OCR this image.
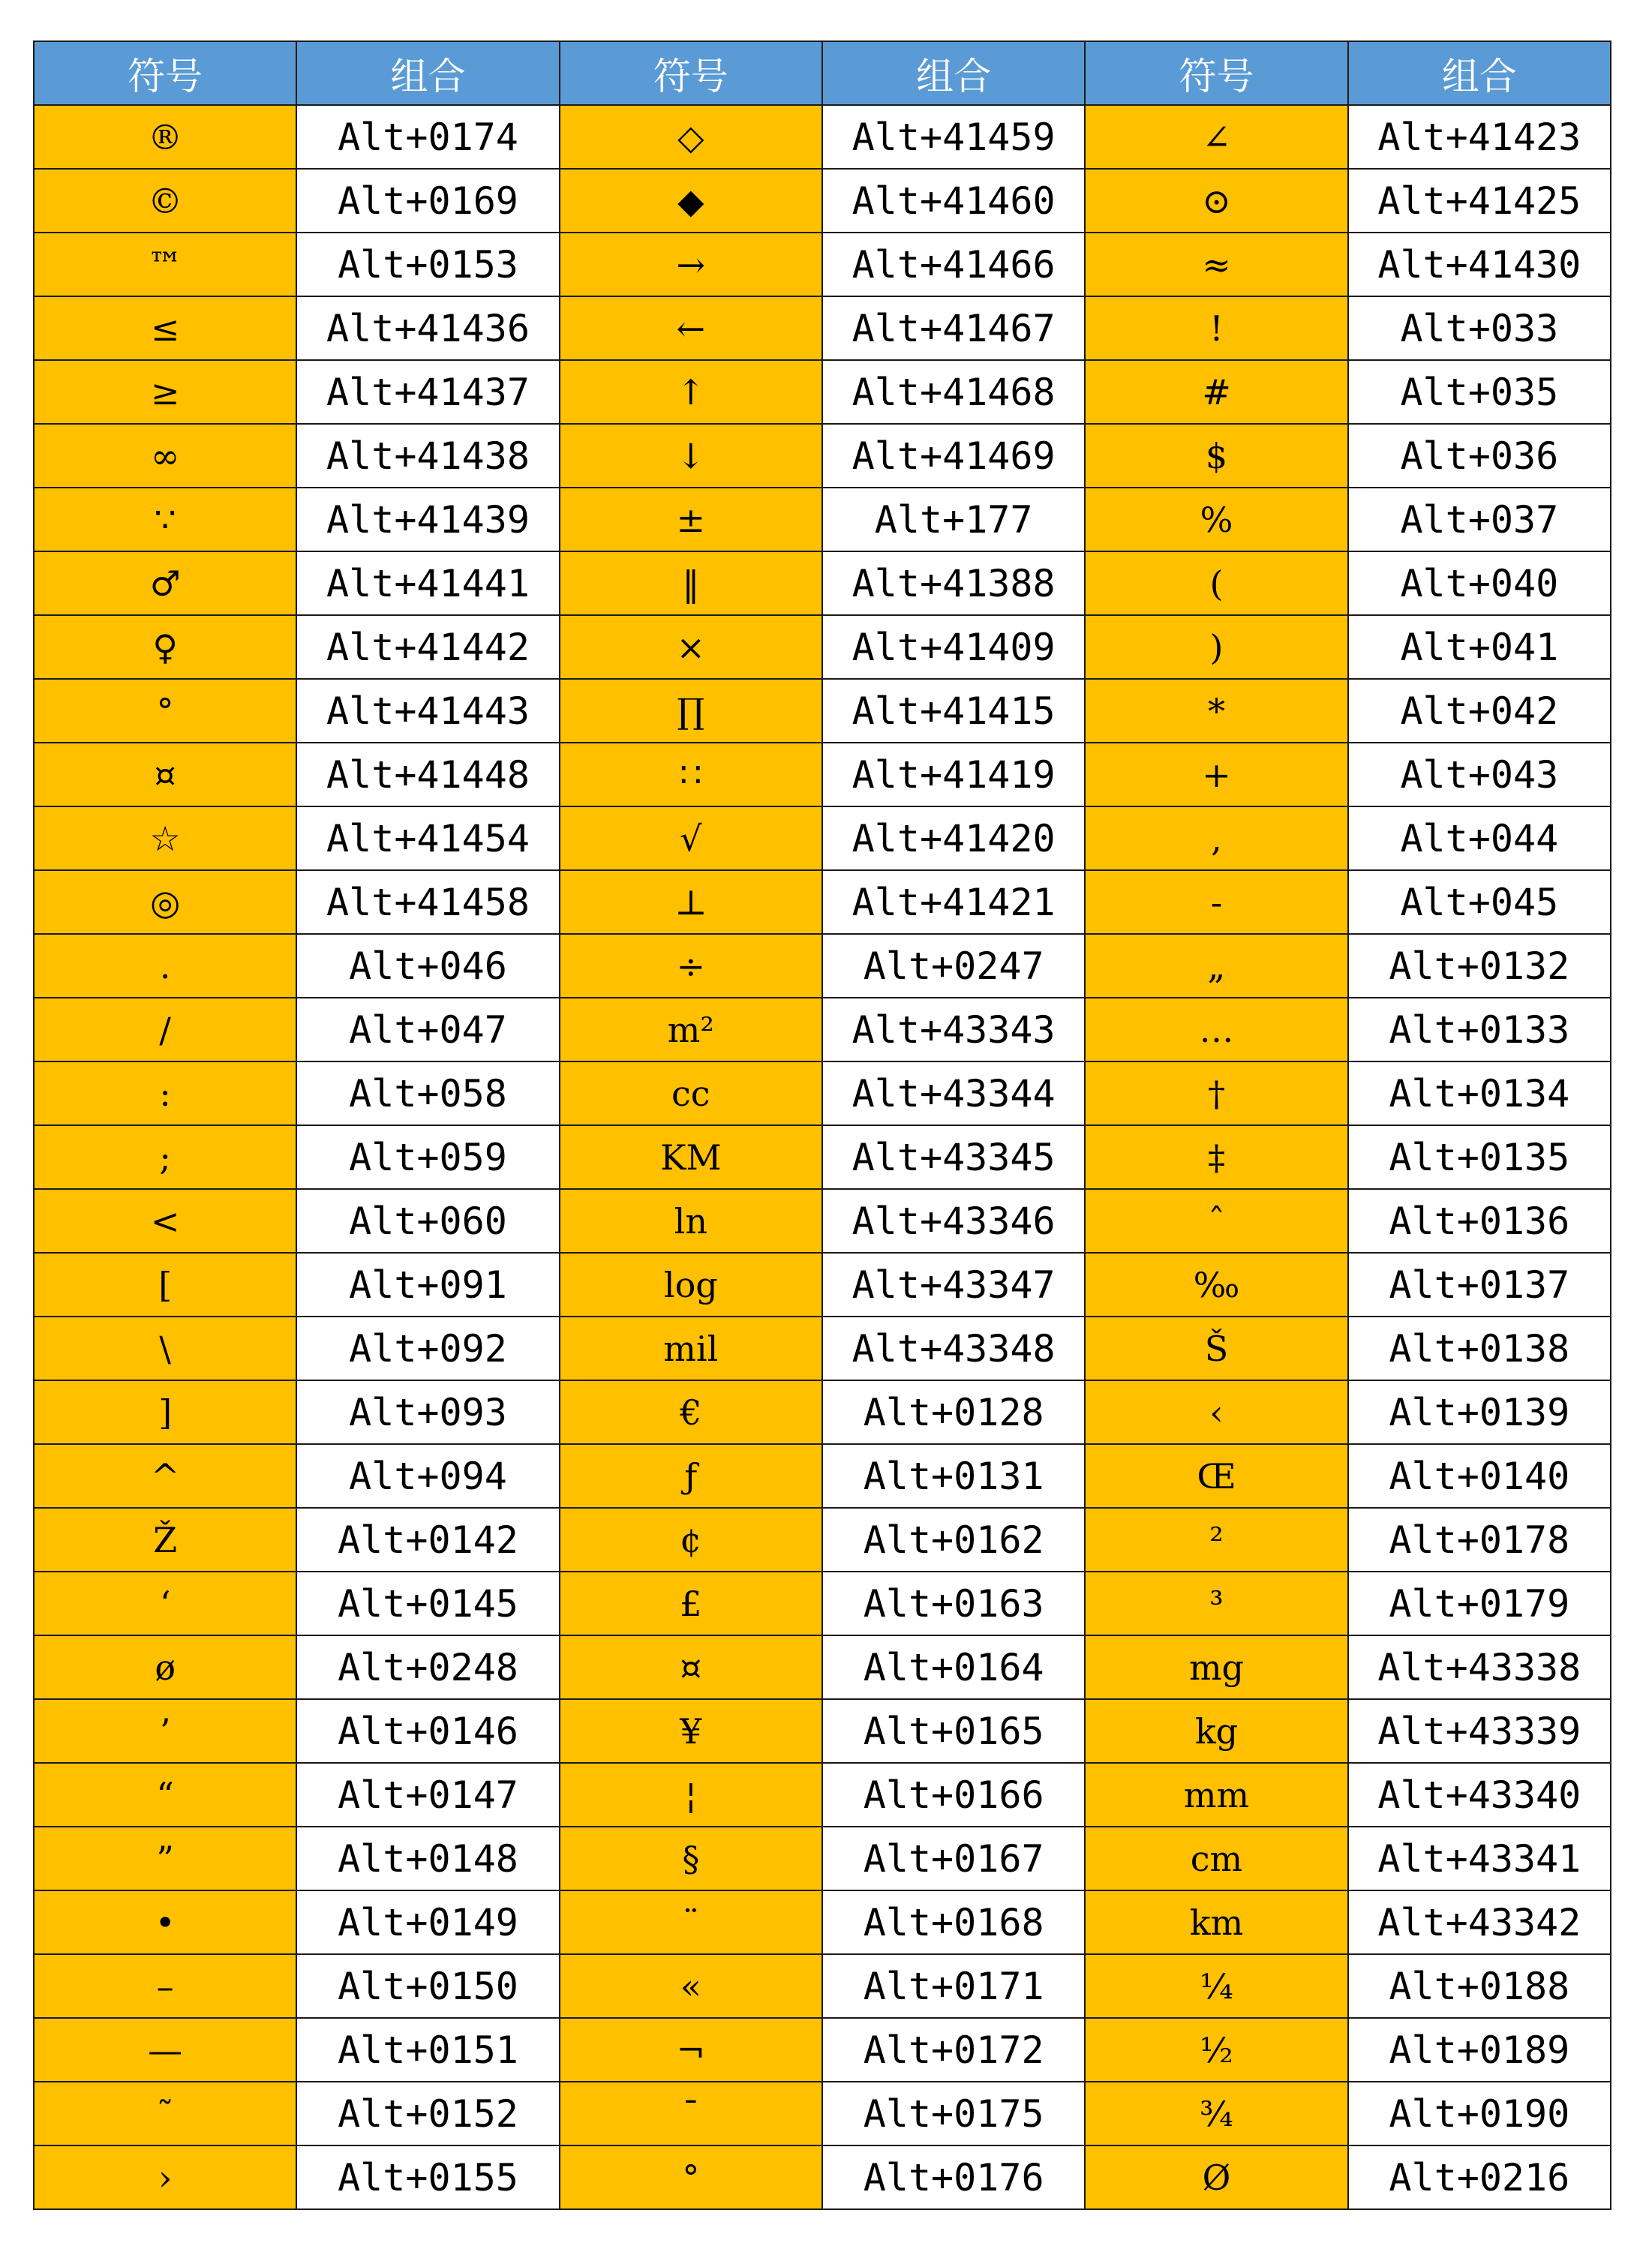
符号	组合	符号	组合	符号	组合
®	Alt+0174	◇	Alt+41459	∠	Alt+41423
©	Alt+0169	◆	Alt+41460	⊙	Alt+41425
™	Alt+0153	→	Alt+41466	≈	Alt+41430
≤	Alt+41436	←	Alt+41467	!	Alt+033
≥	Alt+41437	↑	Alt+41468	#	Alt+035
∞	Alt+41438	↓	Alt+41469	$	Alt+036
∵	Alt+41439	±	Alt+177	%	Alt+037
♂	Alt+41441	‖	Alt+41388	(	Alt+040
♀	Alt+41442	×	Alt+41409	)	Alt+041
°	Alt+41443	∏	Alt+41415	*	Alt+042
¤	Alt+41448	∷	Alt+41419	+	Alt+043
☆	Alt+41454	√	Alt+41420	,	Alt+044
◎	Alt+41458	⊥	Alt+41421	-	Alt+045
.	Alt+046	÷	Alt+0247	„	Alt+0132
/	Alt+047	m²	Alt+43343	…	Alt+0133
:	Alt+058	cc	Alt+43344	†	Alt+0134
;	Alt+059	KM	Alt+43345	‡	Alt+0135
<	Alt+060	ln	Alt+43346	ˆ	Alt+0136
[	Alt+091	log	Alt+43347	‰	Alt+0137
\	Alt+092	mil	Alt+43348	Š	Alt+0138
]	Alt+093	€	Alt+0128	‹	Alt+0139
^	Alt+094	ƒ	Alt+0131	Œ	Alt+0140
Ž	Alt+0142	¢	Alt+0162	²	Alt+0178
‘	Alt+0145	£	Alt+0163	³	Alt+0179
ø	Alt+0248	¤	Alt+0164	mg	Alt+43338
’	Alt+0146	¥	Alt+0165	kg	Alt+43339
“	Alt+0147	¦	Alt+0166	mm	Alt+43340
”	Alt+0148	§	Alt+0167	cm	Alt+43341
•	Alt+0149	¨	Alt+0168	km	Alt+43342
–	Alt+0150	«	Alt+0171	¼	Alt+0188
—	Alt+0151	¬	Alt+0172	½	Alt+0189
˜	Alt+0152	¯	Alt+0175	¾	Alt+0190
›	Alt+0155	°	Alt+0176	Ø	Alt+0216
